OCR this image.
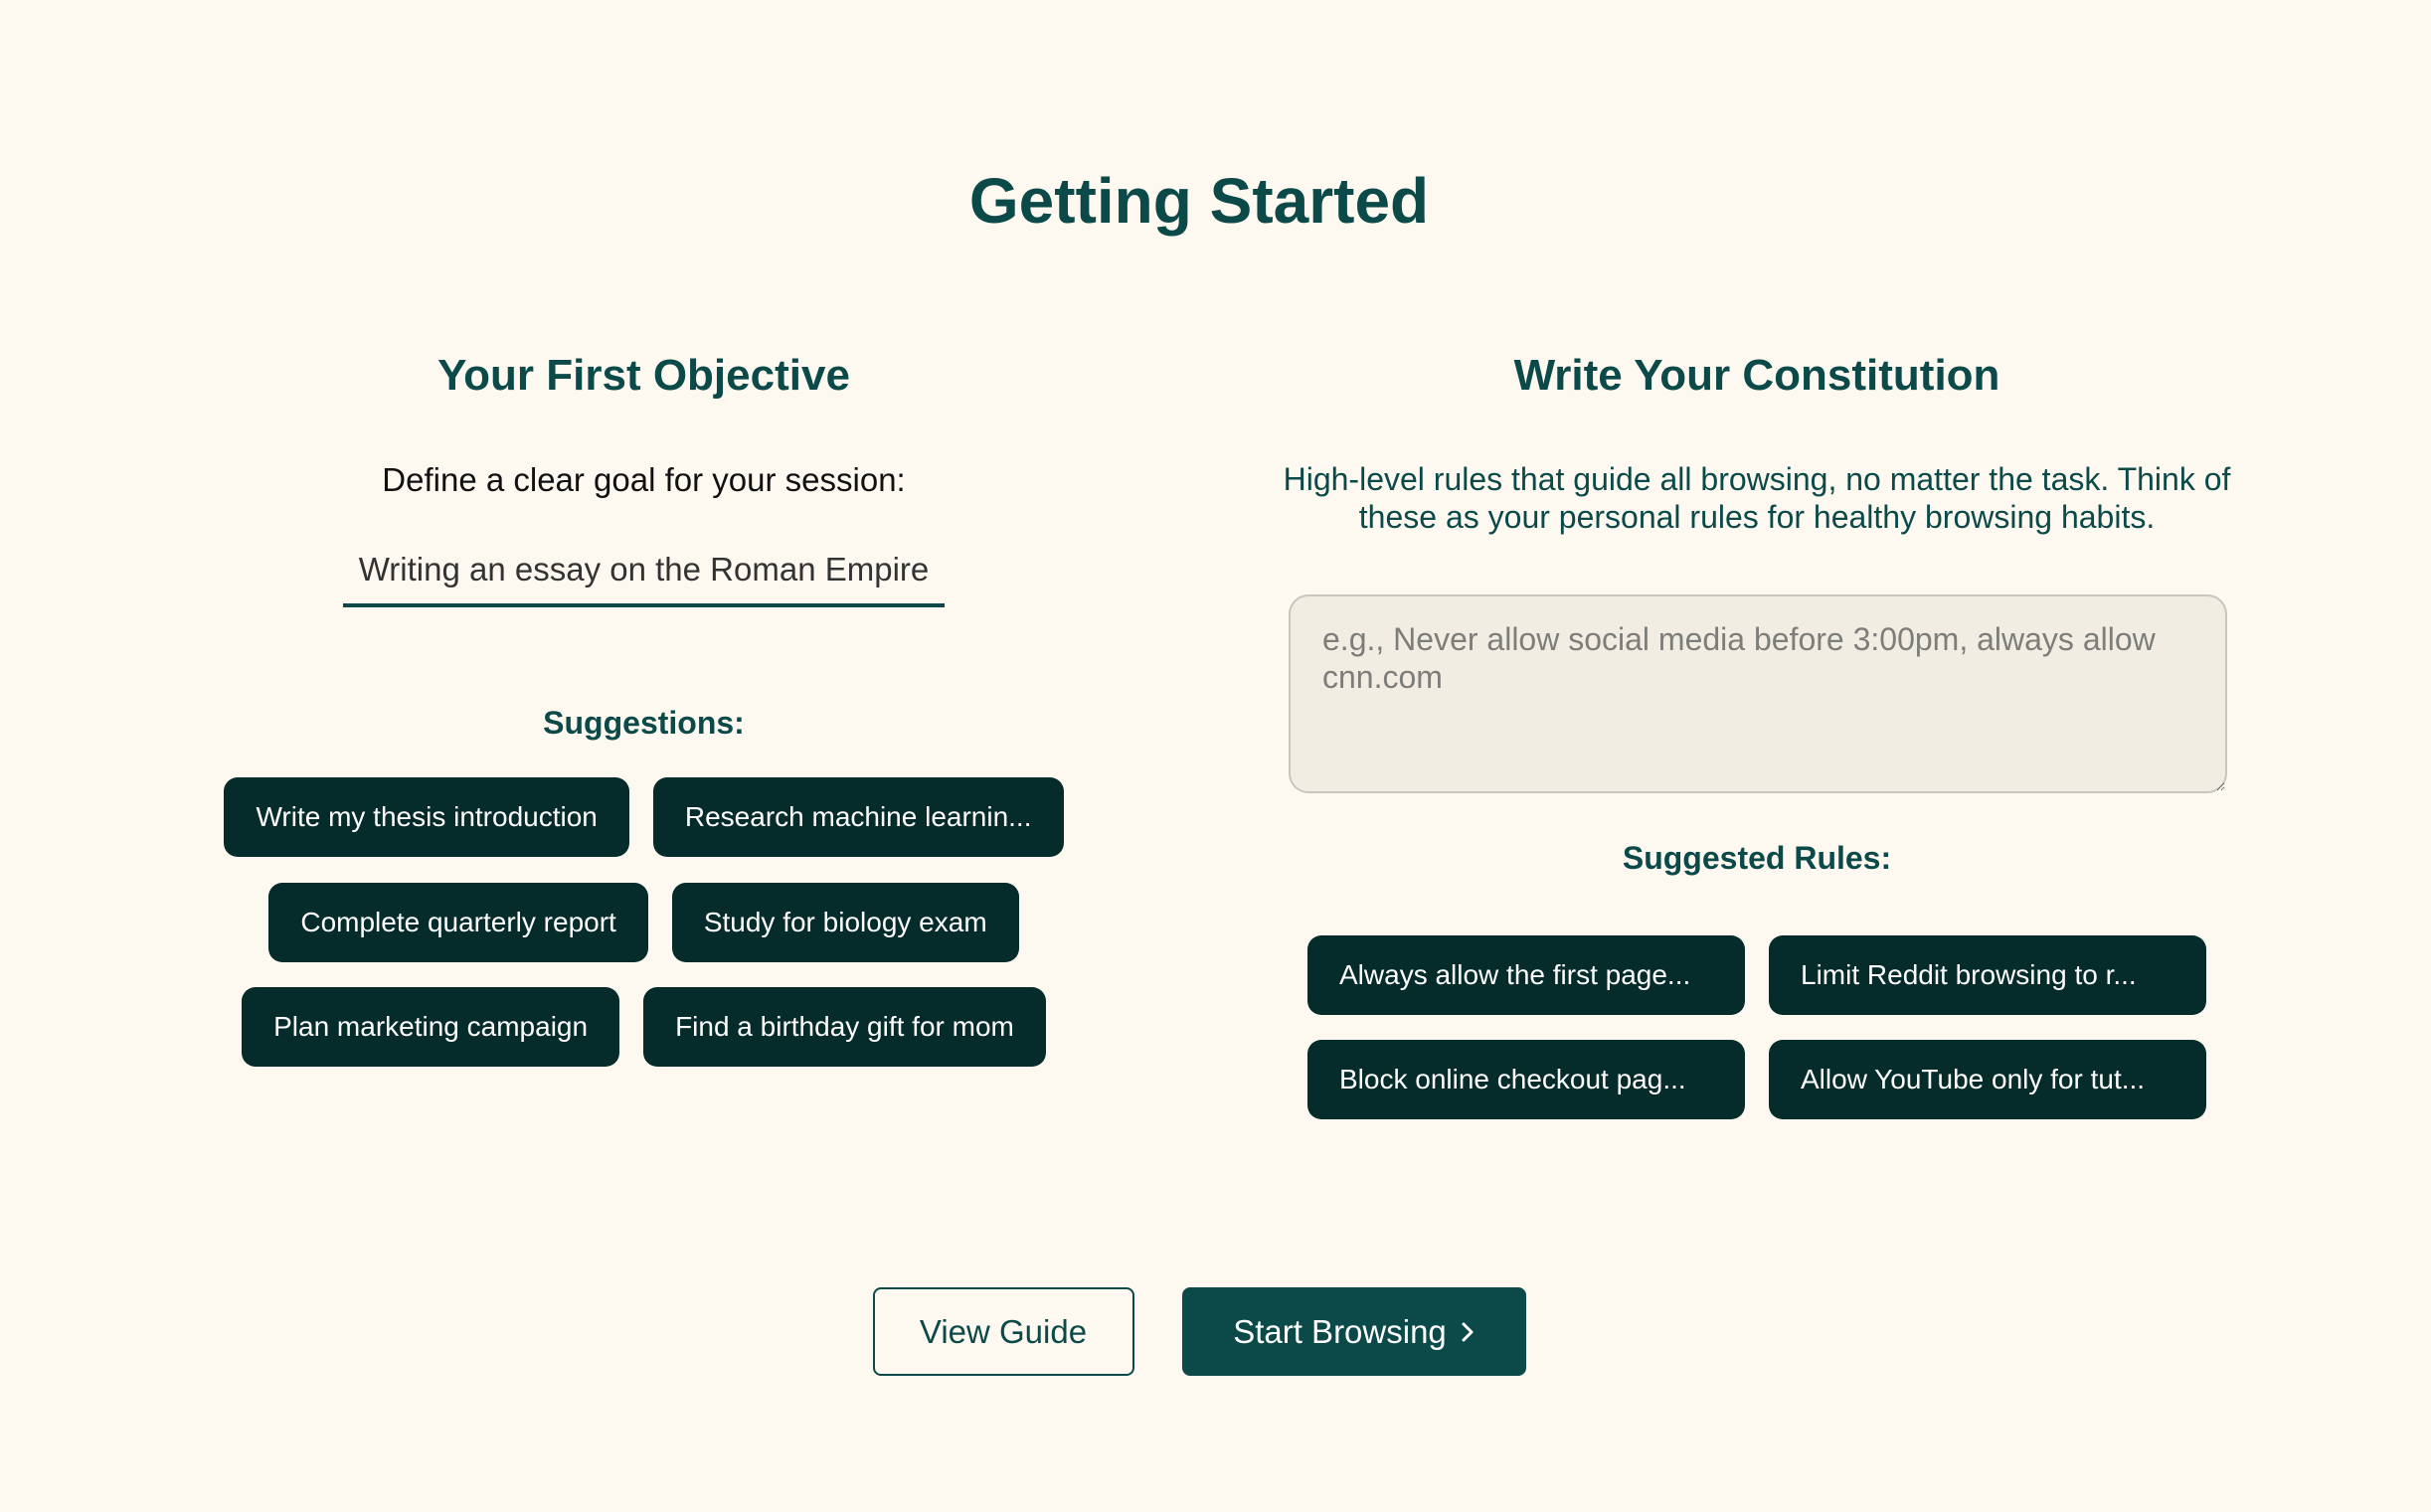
Getting Started
Your First Objective
Define a clear goal for your session:
Writing an essay on the Roman Empire
Suggestions:
Write my thesis introduction	Research machine learnin...
Complete quarterly report	Study for biology exam
Plan marketing campaign	Find a birthday gift for mom
Write Your Constitution
High-level rules that guide all browsing, no matter the task. Think of these as your personal rules for healthy browsing habits.
e.g., Never allow social media before 3:00pm, always allow cnn.com
Suggested Rules:
Always allow the first page...	Limit Reddit browsing to r...
Block online checkout pag...	Allow YouTube only for tut...
View Guide	Start Browsing
